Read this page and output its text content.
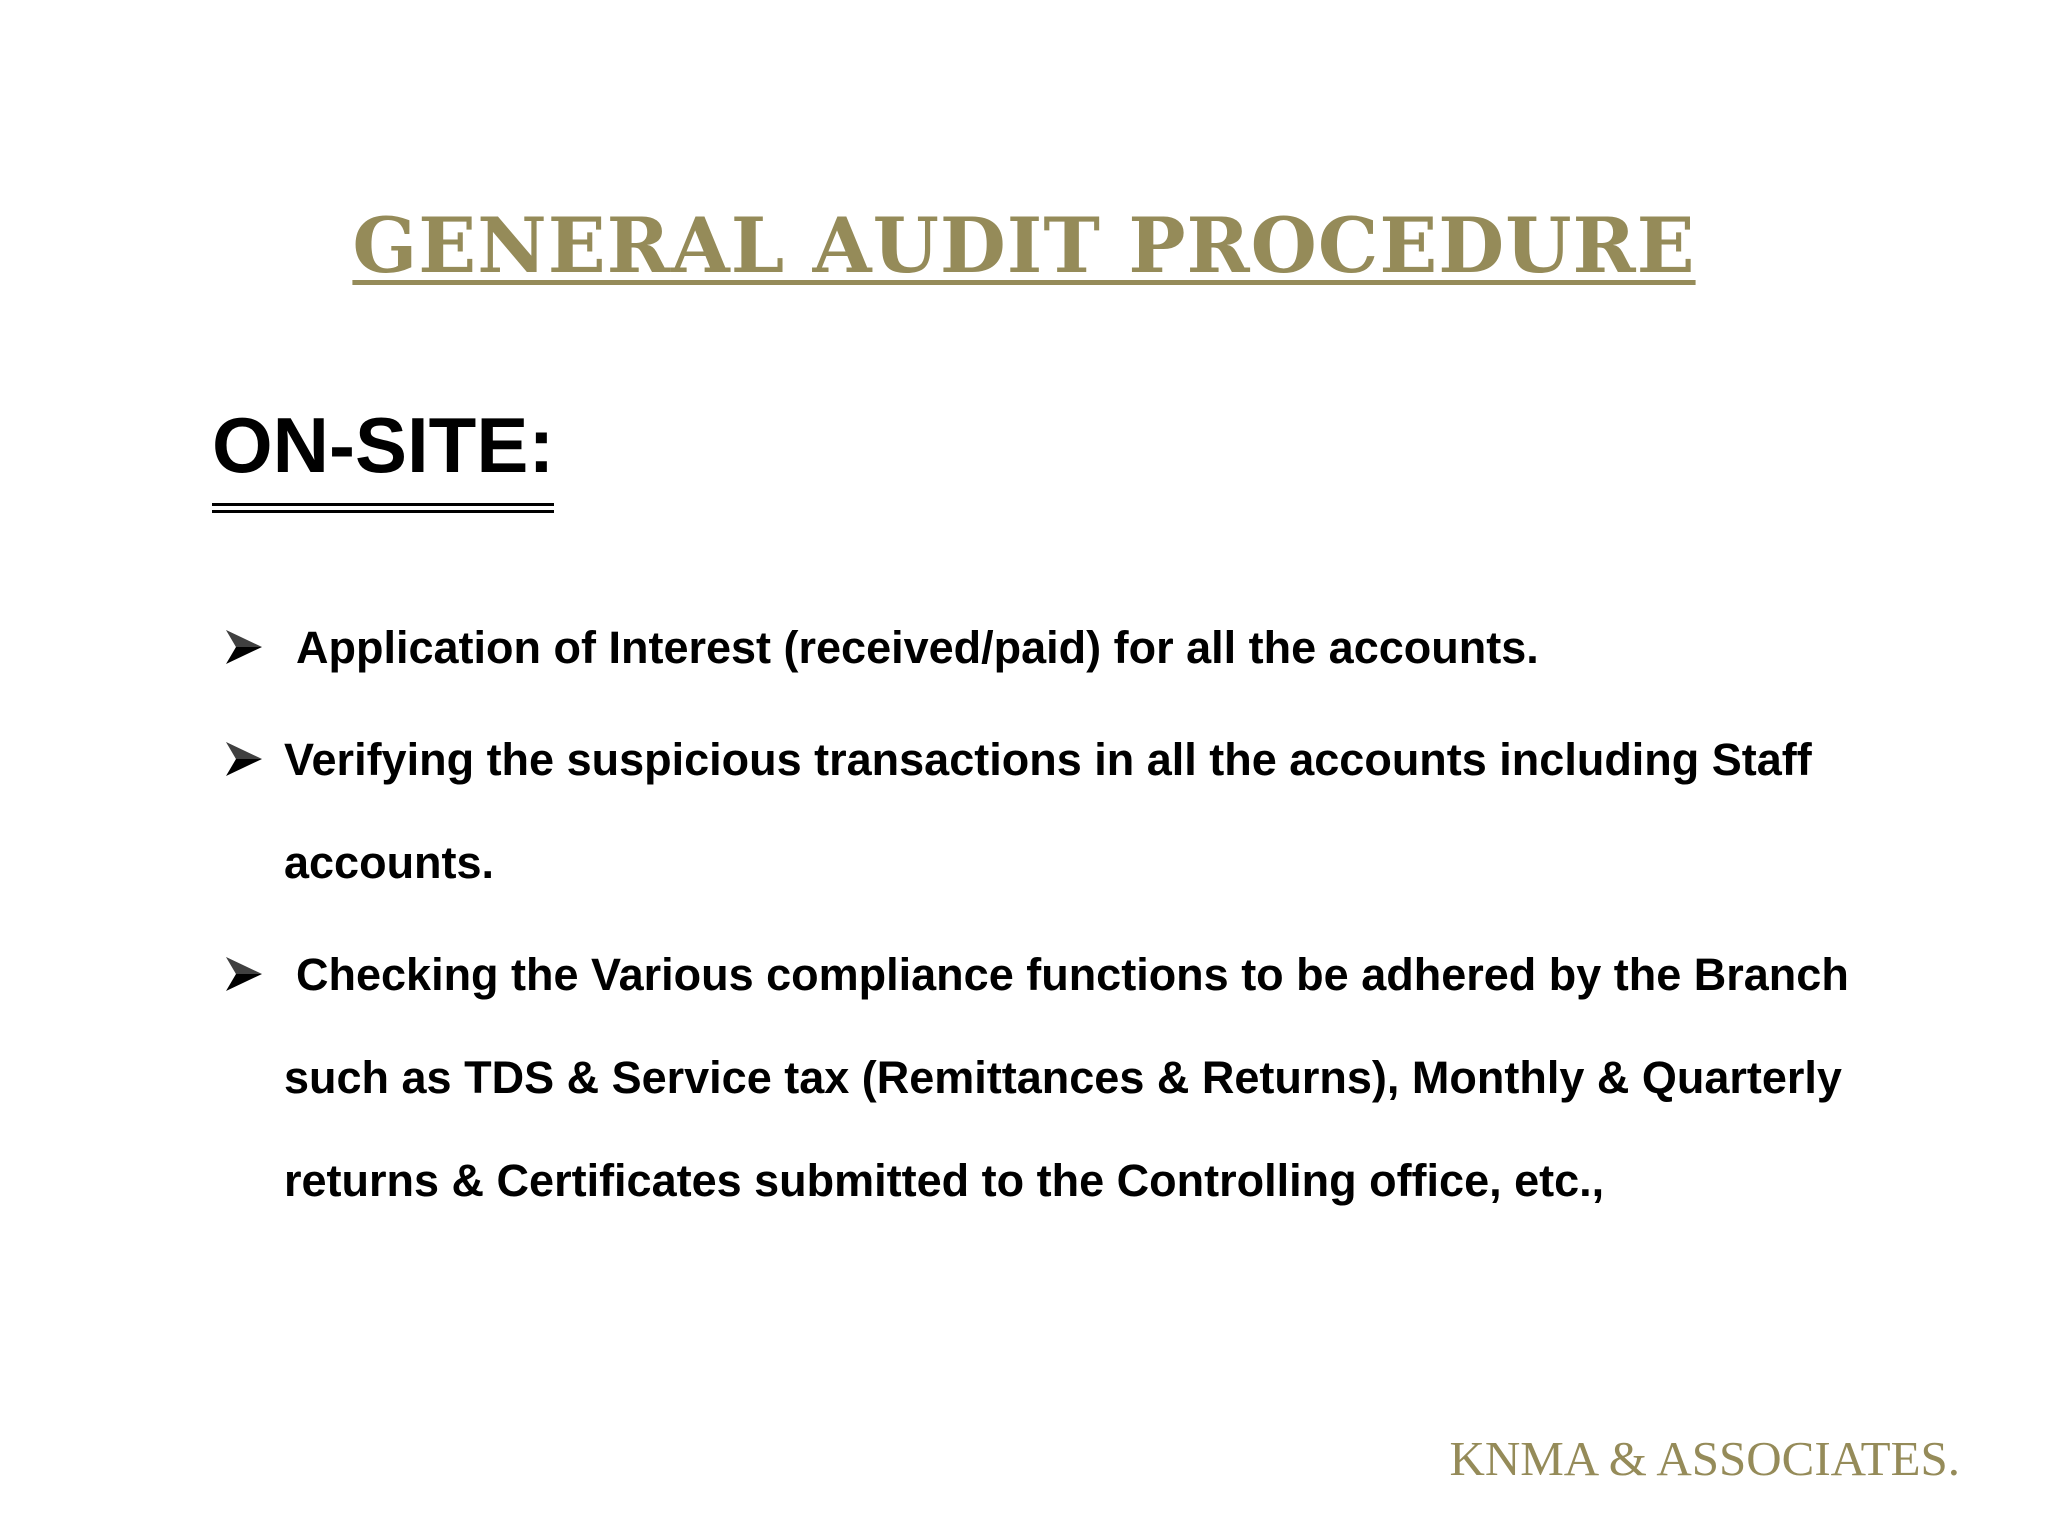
GENERAL AUDIT PROCEDURE
ON-SITE:
Application of Interest (received/paid) for all the accounts.
Verifying the suspicious transactions in all the accounts including Staff accounts.
Checking the Various compliance functions to be adhered by the Branch such as TDS & Service tax (Remittances & Returns), Monthly & Quarterly returns & Certificates submitted to the Controlling office, etc.,
KNMA & ASSOCIATES.
